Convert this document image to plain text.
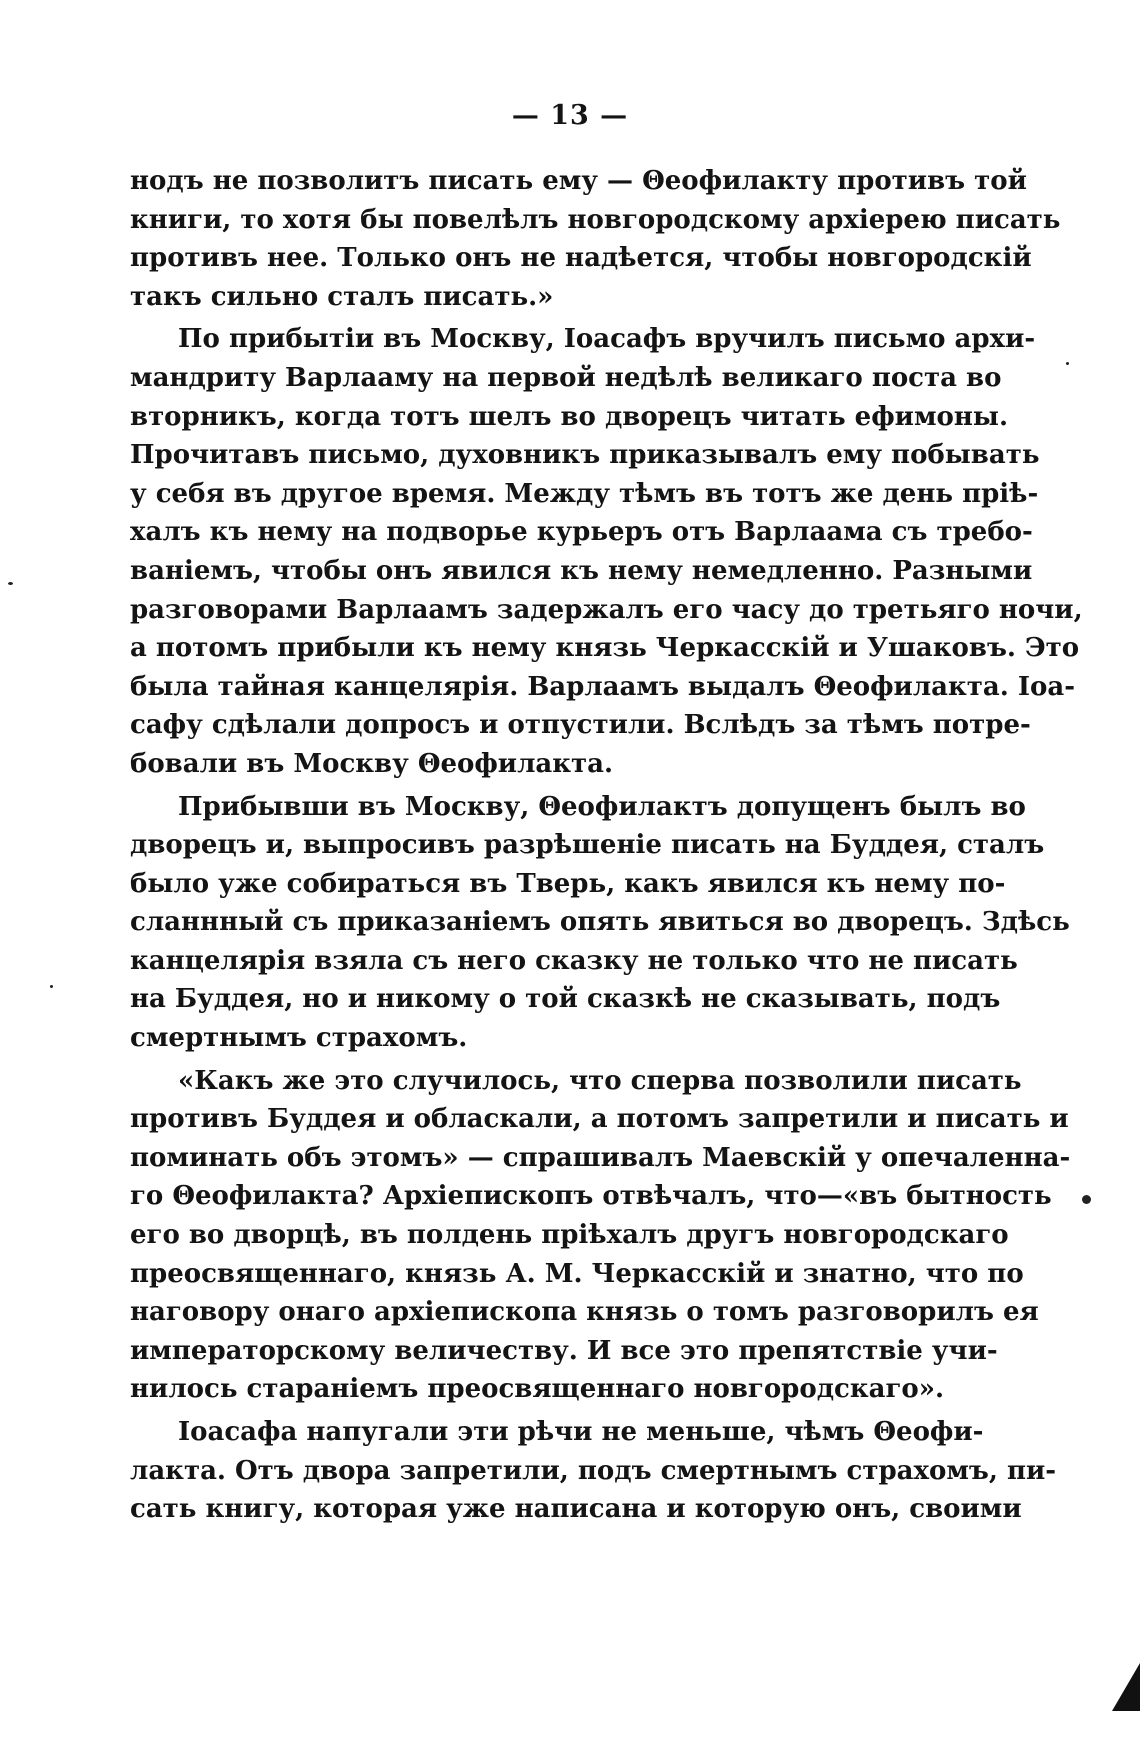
— 13 —
нодъ не позволитъ писать ему — Θеофилакту противъ той
книги, то хотя бы повелѣлъ новгородскому архіерею писать
противъ нее. Только онъ не надѣется, чтобы новгородскій
такъ сильно сталъ писать.»
По прибытіи въ Москву, Іоасафъ вручилъ письмо архи-
мандриту Варлааму на первой недѣлѣ великаго поста во
вторникъ, когда тотъ шелъ во дворецъ читать ефимоны.
Прочитавъ письмо, духовникъ приказывалъ ему побывать
у себя въ другое время. Между тѣмъ въ тотъ же день пріѣ-
халъ къ нему на подворье курьеръ отъ Варлаама съ требо-
ваніемъ, чтобы онъ явился къ нему немедленно. Разными
разговорами Варлаамъ задержалъ его часу до третьяго ночи,
а потомъ прибыли къ нему князь Черкасскій и Ушаковъ. Это
была тайная канцелярія. Варлаамъ выдалъ Θеофилакта. Іоа-
сафу сдѣлали допросъ и отпустили. Вслѣдъ за тѣмъ потре-
бовали въ Москву Θеофилакта.
Прибывши въ Москву, Θеофилактъ допущенъ былъ во
дворецъ и, выпросивъ разрѣшеніе писать на Буддея, сталъ
было уже собираться въ Тверь, какъ явился къ нему по-
сланнный съ приказаніемъ опять явиться во дворецъ. Здѣсь
канцелярія взяла съ него сказку не только что не писать
на Буддея, но и никому о той сказкѣ не сказывать, подъ
смертнымъ страхомъ.
«Какъ же это случилось, что сперва позволили писать
противъ Буддея и обласкали, а потомъ запретили и писать и
поминать объ этомъ» — спрашивалъ Маевскій у опечаленна-
го Θеофилакта? Архіепископъ отвѣчалъ, что—«въ бытность
его во дворцѣ, въ полдень пріѣхалъ другъ новгородскаго
преосвященнаго, князь А. М. Черкасскій и знатно, что по
наговору онаго архіепископа князь о томъ разговорилъ ея
императорскому величеству. И все это препятствіе учи-
нилось стараніемъ преосвященнаго новгородскаго».
Іоасафа напугали эти рѣчи не меньше, чѣмъ Θеофи-
лакта. Отъ двора запретили, подъ смертнымъ страхомъ, пи-
сать книгу, которая уже написана и которую онъ, своими
